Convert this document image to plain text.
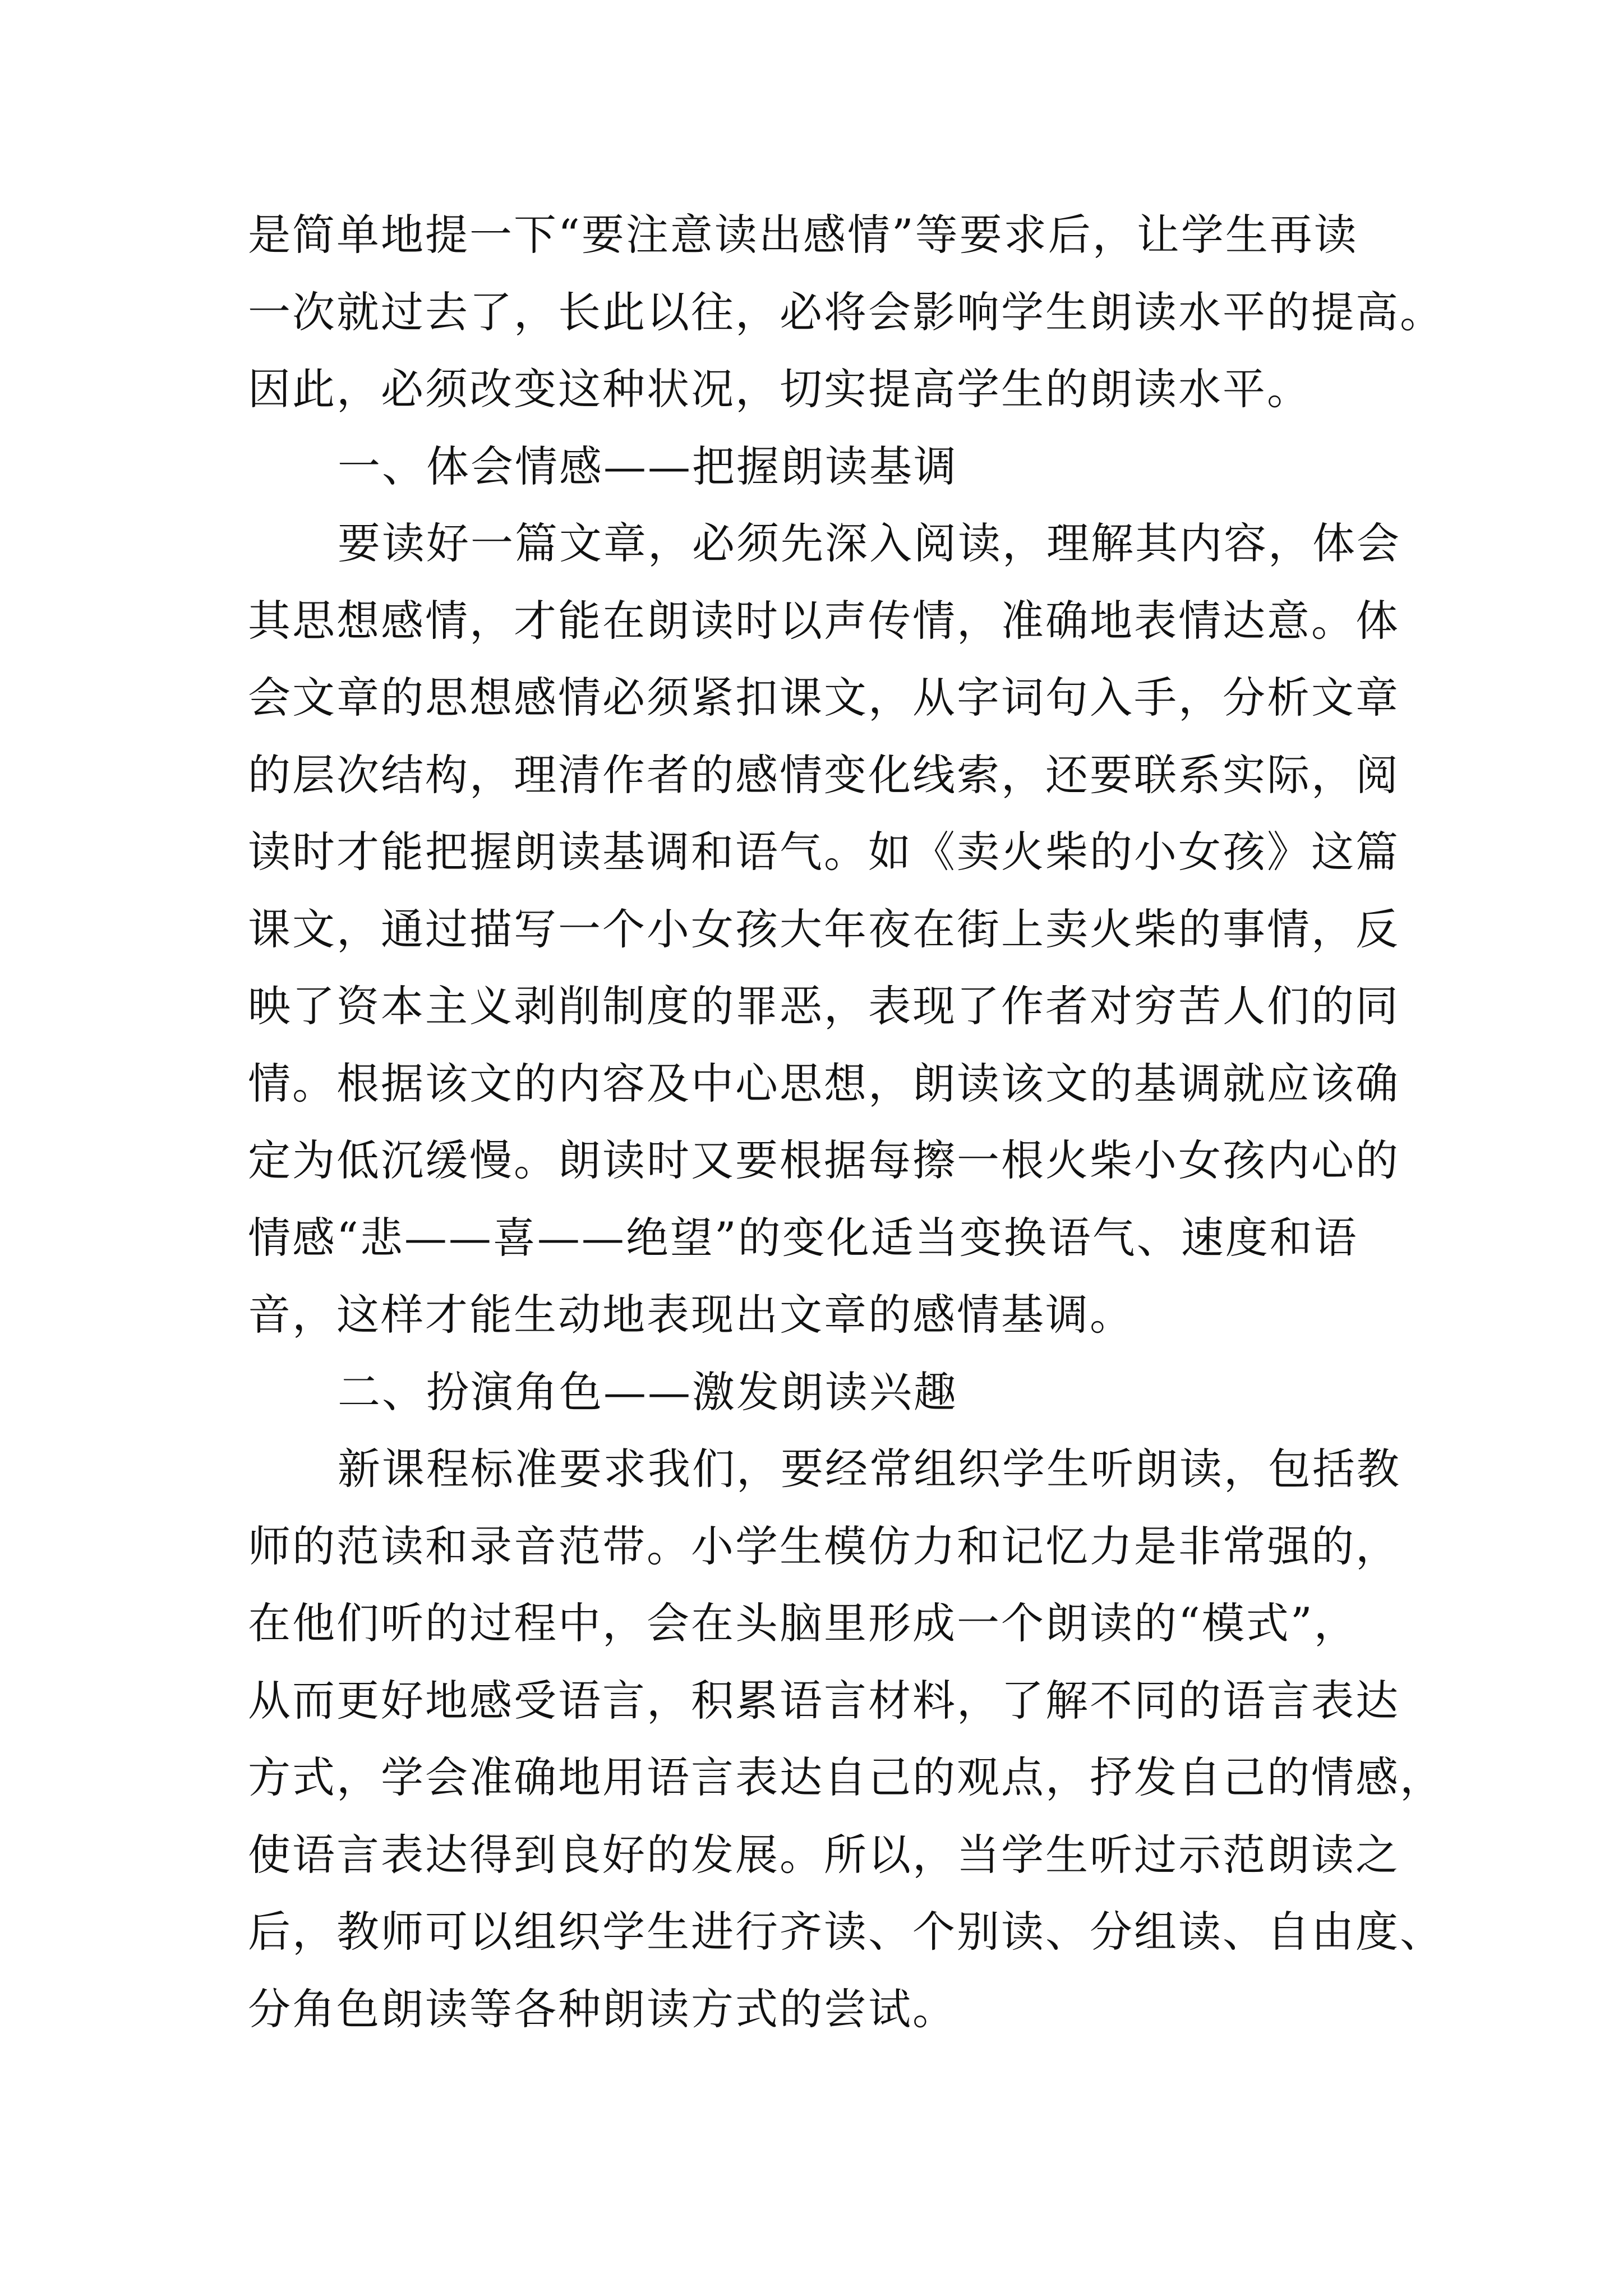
是简单地提一下“要注意读出感情”等要求后，让学生再读
一次就过去了，长此以往，必将会影响学生朗读水平的提高。
因此，必须改变这种状况，切实提高学生的朗读水平。
一、体会情感——把握朗读基调
要读好一篇文章，必须先深入阅读，理解其内容，体会
其思想感情，才能在朗读时以声传情，准确地表情达意。体
会文章的思想感情必须紧扣课文，从字词句入手，分析文章
的层次结构，理清作者的感情变化线索，还要联系实际，阅
读时才能把握朗读基调和语气。如《卖火柴的小女孩》这篇
课文，通过描写一个小女孩大年夜在街上卖火柴的事情，反
映了资本主义剥削制度的罪恶，表现了作者对穷苦人们的同
情。根据该文的内容及中心思想，朗读该文的基调就应该确
定为低沉缓慢。朗读时又要根据每擦一根火柴小女孩内心的
情感“悲——喜——绝望”的变化适当变换语气、速度和语
音，这样才能生动地表现出文章的感情基调。
二、扮演角色——激发朗读兴趣
新课程标准要求我们，要经常组织学生听朗读，包括教
师的范读和录音范带。小学生模仿力和记忆力是非常强的，
在他们听的过程中，会在头脑里形成一个朗读的“模式”，
从而更好地感受语言，积累语言材料，了解不同的语言表达
方式，学会准确地用语言表达自己的观点，抒发自己的情感，
使语言表达得到良好的发展。所以，当学生听过示范朗读之
后，教师可以组织学生进行齐读、个别读、分组读、自由度、
分角色朗读等各种朗读方式的尝试。
